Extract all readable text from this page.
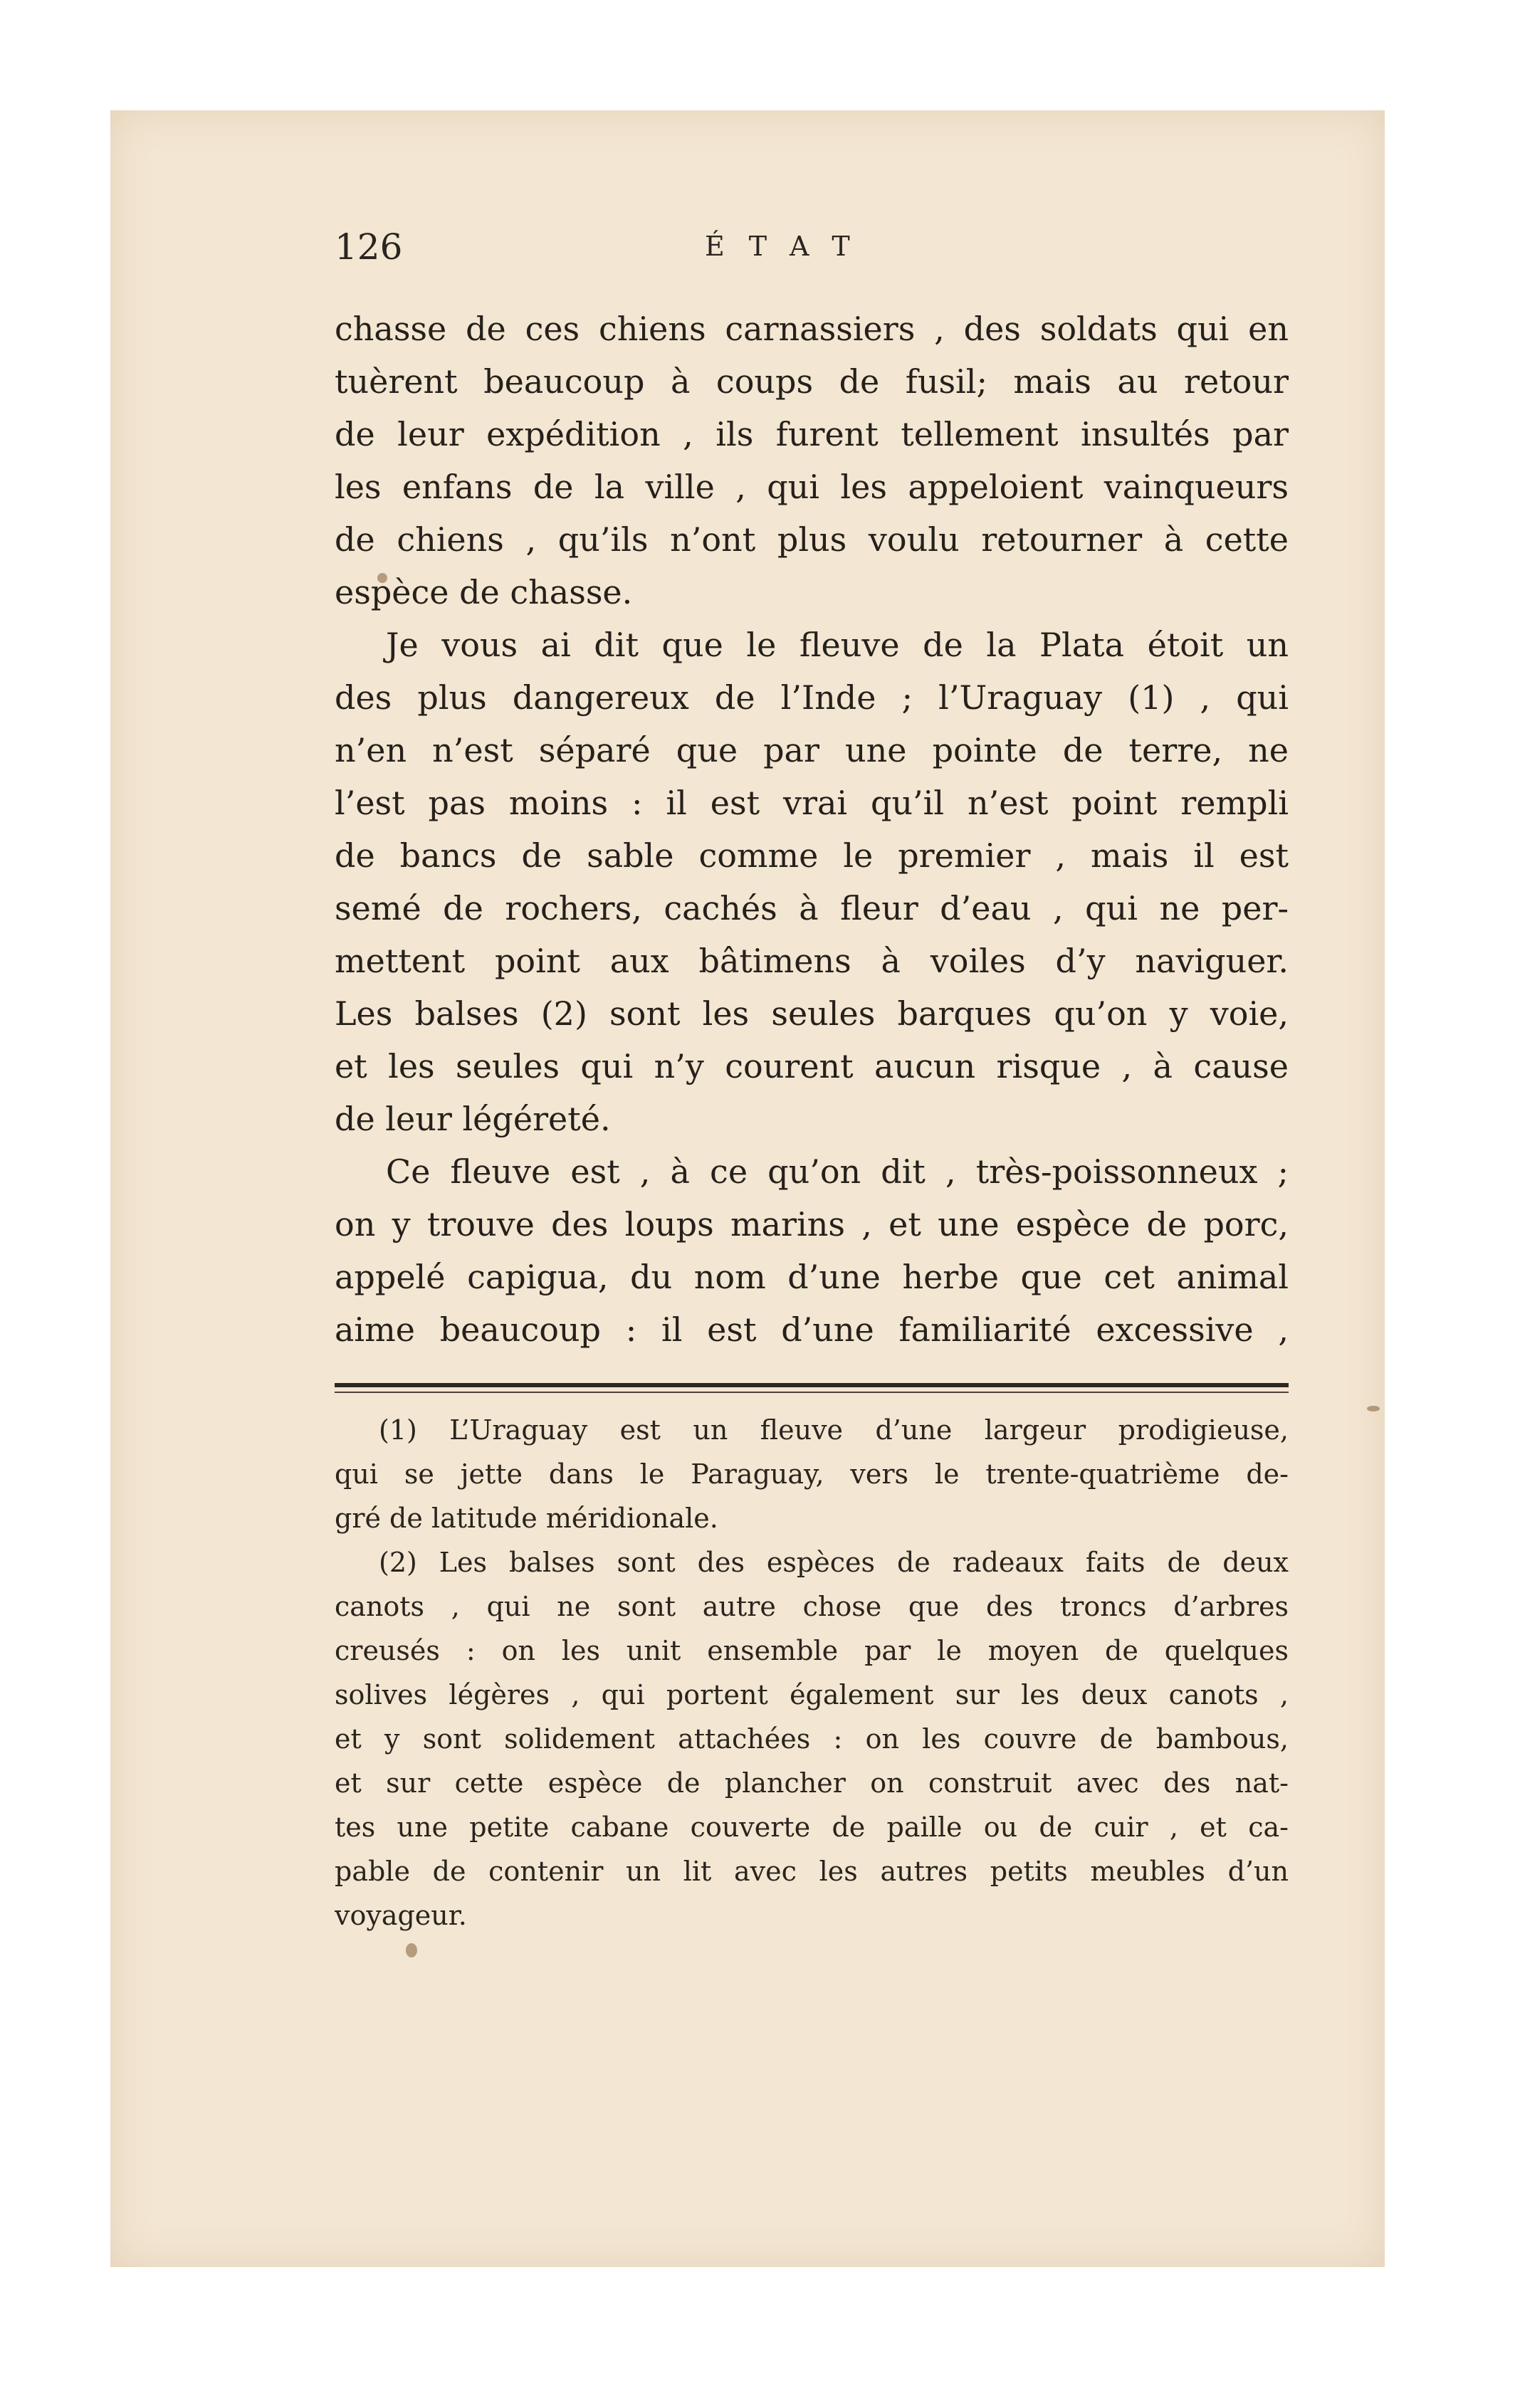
126	ÉTAT
chasse de ces chiens carnassiers , des soldats qui en
tuèrent beaucoup à coups de fusil; mais au retour
de leur expédition , ils furent tellement insultés par
les enfans de la ville , qui les appeloient vainqueurs
de chiens , qu’ils n’ont plus voulu retourner à cette
espèce de chasse.
Je vous ai dit que le fleuve de la Plata étoit un
des plus dangereux de l’Inde ; l’Uraguay (1) , qui
n’en n’est séparé que par une pointe de terre, ne
l’est pas moins : il est vrai qu’il n’est point rempli
de bancs de sable comme le premier , mais il est
semé de rochers, cachés à fleur d’eau , qui ne per-
mettent point aux bâtimens à voiles d’y naviguer.
Les balses (2) sont les seules barques qu’on y voie,
et les seules qui n’y courent aucun risque , à cause
de leur légéreté.
Ce fleuve est , à ce qu’on dit , très-poissonneux ;
on y trouve des loups marins , et une espèce de porc,
appelé capigua, du nom d’une herbe que cet animal
aime beaucoup : il est d’une familiarité excessive ,
(1) L’Uraguay est un fleuve d’une largeur prodigieuse,
qui se jette dans le Paraguay, vers le trente-quatrième de-
gré de latitude méridionale.
(2) Les balses sont des espèces de radeaux faits de deux
canots , qui ne sont autre chose que des troncs d’arbres
creusés : on les unit ensemble par le moyen de quelques
solives légères , qui portent également sur les deux canots ,
et y sont solidement attachées : on les couvre de bambous,
et sur cette espèce de plancher on construit avec des nat-
tes une petite cabane couverte de paille ou de cuir , et ca-
pable de contenir un lit avec les autres petits meubles d’un
voyageur.
